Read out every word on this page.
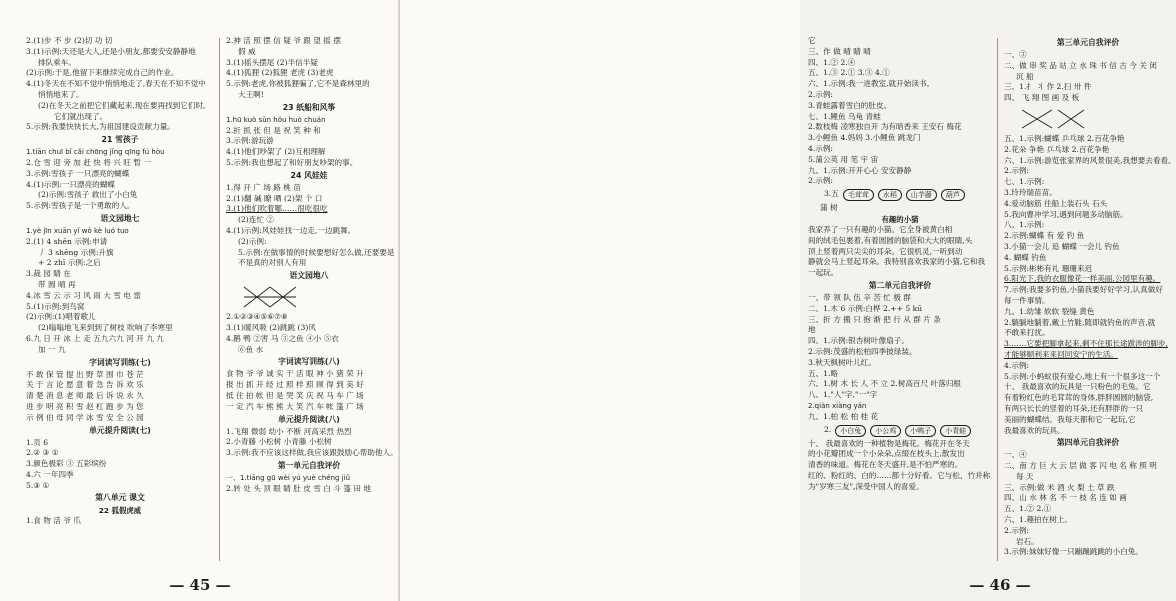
2.(1)步 不 步 (2)切 功 切
3.(1)示例:天还是大人,还是小朋友,都要安安静静地
排队乘车。
(2)示例:于是,他留下来继续完成自己的作业。
4.(1)冬天在不知不觉中悄悄地走了,春天在不知不觉中
悄悄地来了。
(2)在冬天之前把它们藏起来,现在要再找到它们时,
它们就出现了。
5.示例:我要快快长大,为祖国建设贡献力量。
21 雪孩子
1.tiān chuī bǐ cǎi chōng jǐng qīng fú hòu
2.仓 雪 迎 旁 加 赶 快 将 兴 旺 暂 一
3.示例:雪孩子 一只漂亮的蝴蝶
4.(1)示例:一只漂亮的蝴蝶
(2)示例:雪孩子 救出了小白兔
5.示例:雪孩子是一个勇敢的人。
语文园地七
1.yè jīn xuān yǐ wò kè luó tuo
2.(1) 4 shēn 示例:申请
丿 3 shēng 示例:升旗
+ 2 zhī 示例:之后
3.裁 园 睛 在
带 圆 晴 再
4.冰 雪 云 示 习 风 雨 大 雪 电 雷
5.(1)示例:到鸟窝
(2)示例:(1)唱着歌儿
(2)嗡嗡地飞来到到了树枝 吹响了李寒里
6.九 日 开 冰 上 走 五九六九 河 开 九 九
加 一 九
字词读写训练(七)
不 敢 保 管 提 出 野 草 围 巾 苍 茫
关 于 言 论 愿 意 着 急 告 诉 欢 乐
清 楚 消 息 老 师 最 后 诉 说 永 久
进 步 明 亮 积 雪 赵 杠 跑 步 为 您
示 例 伯 母 同 学 冰 雪 安 全 公 园
单元提升阅读(七)
1.页 6
2.② ③ ①
3.颜色极彩 ③ 五彩缤纷
4.六 一年四季
5.③ ①
第八单元 课文
22 狐假虎威
1.食 物 活 爷 爪
2.神 活 照 摆 信 疑 爷 跟 望 摇 摆
假 威
3.(1)摇头摆尾 (2)半信半疑
4.(1)狐狸 (2)狐狸 老虎 (3)老虎
5.示例:老虎,你被狐狸骗了,它不是森林里的
大王啊!
23 纸船和风筝
1.hū kuò sǔn hǒu huò chuán
2.折 抓 张 但 是 祝 笑 种 和
3.示例:游玩游
4.(1)他们吵架了 (2)互相理解
5.示例:我也想起了和好朋友吵架的事。
24 风娃娃
1.得 开 广 场 路 桃 苗
2.(1)翻 碱 瞭 晒 (2)架 个 口
3.(1)他们吹着哪……很吃很吃
(2)连忙 ②
4.(1)示例:风娃娃找一边走,一边跳舞。
(2)示例:
5.示例:在做事情的时候要想好怎么做,还要要是
不是真的对别人有用
语文园地八
2.①②③④⑤⑥⑦⑧
3.(1)暖风吸 (2)跳跳 (3)风
4.鹅 鸭 ②害 马 ③之鱼 ④小 ⑤衣
⑥鱼 水
字词读写训练(八)
食 物 爷 爷 诚 实 干 活 眼 神 小 猪 荣 升
报 出 抓 开 经 过 照 样 照 顾 得 到 美 好
抵 住 拍 帐 但 是 哭 笑 庆 祝 马 车 广 场
一 定 汽 车 熊 熊 大 笑 汽 车 帐 篷 广 场
单元提升阅读(八)
1.飞翔 微弱 幼小 不断 河高采烈 热烈
2.小青藤 小松树 小青藤 小松树
3.示例:我不应该这样做,我应该跟鼓励心帮助他人。
第一单元自我评价
一、1.tiāng gū wèi yú yuè chéng jiǔ
2.转 处 头 顶 眼 睛 肚 皮 雪 白 斗 篷 田 地
— 45 —
它
三、作 做 晴 睛 晴
四、1.② 2.④
五、1.③ 2.① 3.③ 4.①
六、1.示例:我一进教室,就开始读书。
2.示例:
3.青蛙露着雪白的肚皮。
七、1.鲤鱼 乌龟 青蛙
2.数枝梅 凌寒独自开 为有暗香来 王安石 梅花
3.小鲤鱼 4.妈妈 3.小鲤鱼 跳龙门
4.示例:
5.蒲公英 用 笔 宇 宙
九、1.示例:开开心心 安安静静
2.示例:
3.五	毛茸茸	水稻	山芋藤	葫芦
蒲 树
有趣的小猫
我家养了一只有趣的小猫。它全身被黄白相
间的绒毛包裹着,有着圆圆的脑袋和大大的眼睛,头
顶上竖着两只尖尖的耳朵。它很机灵,一听到动
静就会马上竖起耳朵。我特别喜欢我家的小猫,它和我
一起玩。
第二单元自我评价
一、带 领 队 伍 辛 苦 忙 极 群
二、1.木 6 示例:白桦 2.++ 5 kū
三、折 方 搬 只 抱 渐 把 行 从 群 片 条
地
四、1.示例:银杏树叶像扇子。
2.示例:茂盛的松柏四季披绿装。
3.秋天枫树叶儿红。
五、1.略
六、1.树 木 长 人 不 立 2.树高百尺 叶落归根
八、1."人"字,"一"字
2.qiàn xiàng yán
九、1.柏 松 柏 桂 花
2.	小白兔	小公鸡	小鸭子	小青蛙
十、 我最喜欢的一种植物是梅花。梅花开在冬天
的小花瓣团成一个小朵朵,点缀在枝头上,散发出
清香的味道。梅花在冬天盛开,是不怕严寒的。
红的、粉红的、白的……都十分好看。它与松、竹并称
为"岁寒三友",深受中国人的喜爱。
第三单元自我评价
一、③
二、做 串 奖 品 站 立 水 珠 书 信 古 今 关 闭
沉 船
三、1.扌 丬 作 2.扫 卅 件
四、 飞 翔 图 画 及 板
五、1.示例:蝴蝶 乒乓球 2.百花争艳
2.花朵 争艳 乒乓球 2.百花争艳
六、1.示例:游览张家界的风景很美,我想要去看看。
2.示例:
七、1.示例:
3.玲玲瑞苗苗。
4.爱动脑筋 往船上装石头 石头
5.我向曹冲学习,遇到问题多动脑筋。
八、1.示例:
2.示例:蝴蝶 有 爱 钓 鱼
3.小猫一会儿 追 蝴蝶 一会儿 钓鱼
4. 蝴蝶 钓鱼
5.示例:彬彬有礼 珊珊来迟
6.阳光下,我的衣服像花一样美丽,公园里有趣。
7.示例:我要多钓鱼,小猫我要好好学习,认真做好
每一件事情。
九、1.幼雏 软软 裂缝 黄色
2.躺躺地躺着,戴上竹鞋,随即就钓鱼的声音,就
不敢来打扰。
3.……它要把脚拿起来,剩不住那长途跋涉的脚步,
才能够顺利来来回回安宁的生活。
4.示例:
5.示例:小蚂蚁很有爱心,地上有一个很多这一个
十、 我最喜欢的玩具是一只粉色的毛兔。它
有着粉红色的毛茸茸的身体,胖胖圆圆的脑袋,
有两只长长的竖着的耳朵,还有胖胖的一只
美丽的蝴蝶结。我每天都和它一起玩,它
我最喜欢的玩具。
第四单元自我评价
一、④
二、南 方 巨 大 云 层 做 客 闪 电 名 称 照 明
每 天
三、示例:做 米 酒 火 梨 土 草 跌
四、山 水 林 名 不 一 枝 名 连 如 画
五、1.② 2.①
六、1.趣拍在树上。
2.示例:
岩石。
3.示例:妹妹好像一只蹦蹦跳跳的小白兔。
— 46 —
